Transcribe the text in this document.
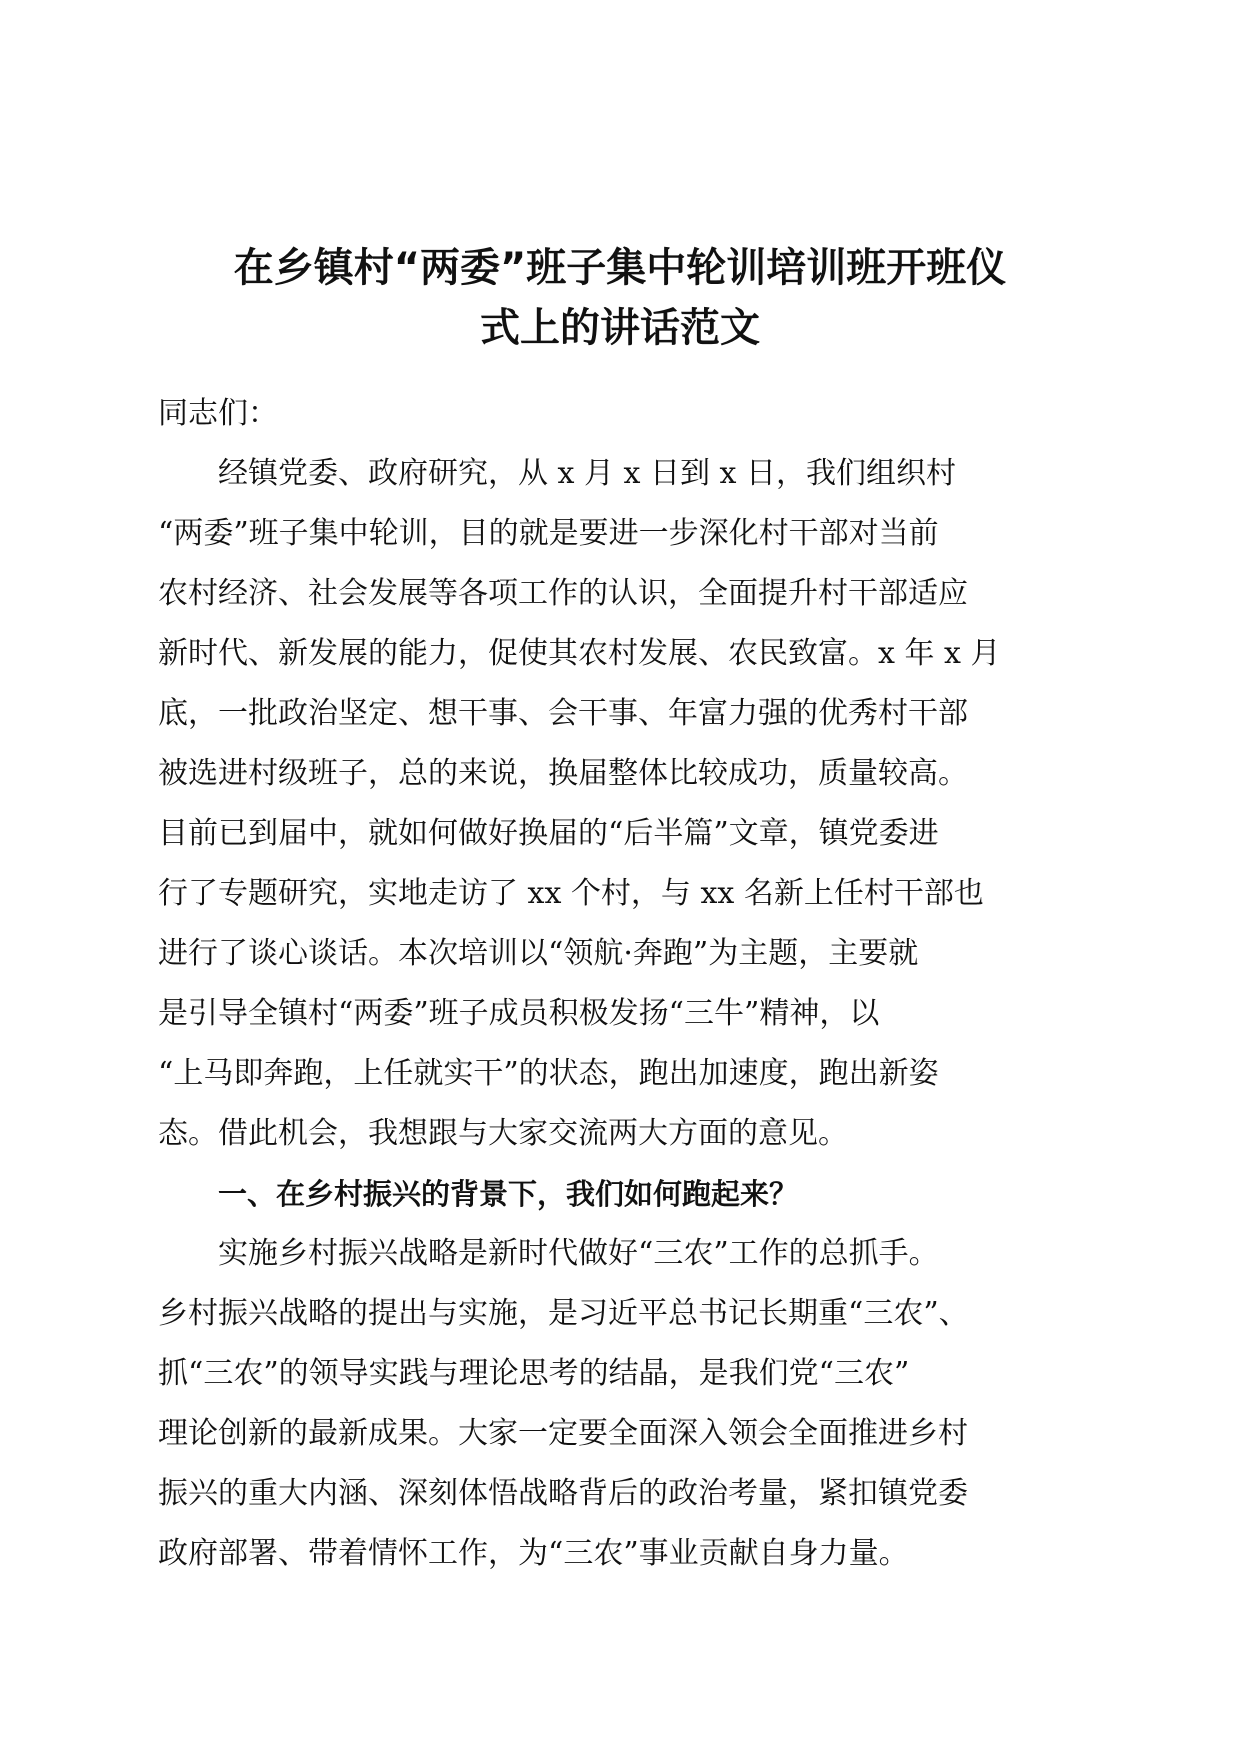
在乡镇村“两委”班子集中轮训培训班开班仪
式上的讲话范文
同志们：
经镇党委、政府研究，从 x 月 x 日到 x 日，我们组织村
“两委”班子集中轮训，目的就是要进一步深化村干部对当前
农村经济、社会发展等各项工作的认识，全面提升村干部适应
新时代、新发展的能力，促使其农村发展、农民致富。x 年 x 月
底，一批政治坚定、想干事、会干事、年富力强的优秀村干部
被选进村级班子，总的来说，换届整体比较成功，质量较高。
目前已到届中，就如何做好换届的“后半篇”文章，镇党委进
行了专题研究，实地走访了 xx 个村，与 xx 名新上任村干部也
进行了谈心谈话。本次培训以“领航·奔跑”为主题，主要就
是引导全镇村“两委”班子成员积极发扬“三牛”精神，以
“上马即奔跑，上任就实干”的状态，跑出加速度，跑出新姿
态。借此机会，我想跟与大家交流两大方面的意见。
一、在乡村振兴的背景下，我们如何跑起来？
实施乡村振兴战略是新时代做好“三农”工作的总抓手。
乡村振兴战略的提出与实施，是习近平总书记长期重“三农”、
抓“三农”的领导实践与理论思考的结晶，是我们党“三农”
理论创新的最新成果。大家一定要全面深入领会全面推进乡村
振兴的重大内涵、深刻体悟战略背后的政治考量，紧扣镇党委
政府部署、带着情怀工作，为“三农”事业贡献自身力量。
